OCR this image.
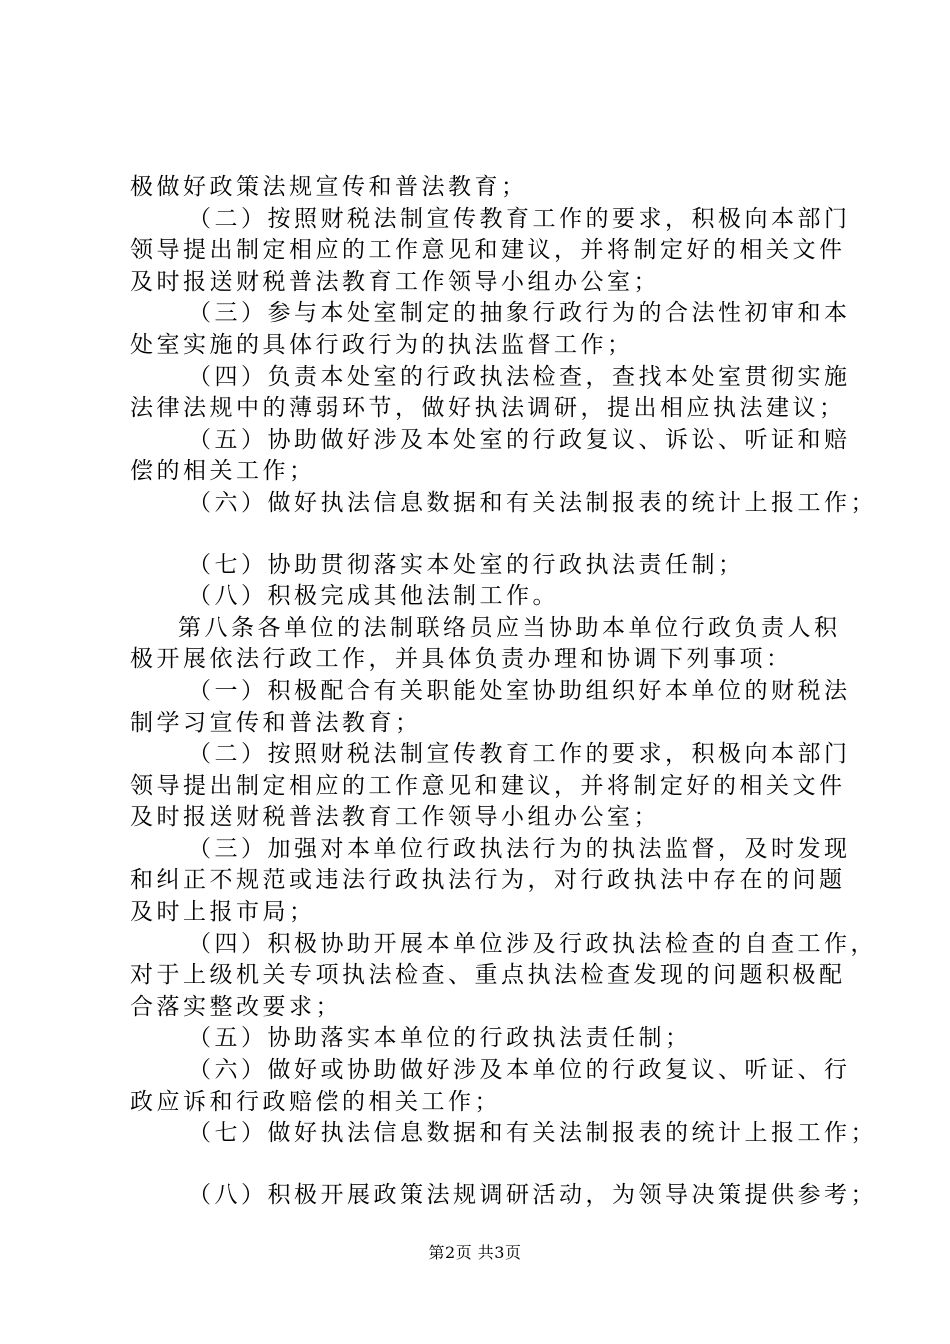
极做好政策法规宣传和普法教育；
（二）按照财税法制宣传教育工作的要求，积极向本部门
领导提出制定相应的工作意见和建议，并将制定好的相关文件
及时报送财税普法教育工作领导小组办公室；
（三）参与本处室制定的抽象行政行为的合法性初审和本
处室实施的具体行政行为的执法监督工作；
（四）负责本处室的行政执法检查，查找本处室贯彻实施
法律法规中的薄弱环节，做好执法调研，提出相应执法建议；
（五）协助做好涉及本处室的行政复议、诉讼、听证和赔
偿的相关工作；
（六）做好执法信息数据和有关法制报表的统计上报工作；
（七）协助贯彻落实本处室的行政执法责任制；
（八）积极完成其他法制工作。
第八条各单位的法制联络员应当协助本单位行政负责人积
极开展依法行政工作，并具体负责办理和协调下列事项：
（一）积极配合有关职能处室协助组织好本单位的财税法
制学习宣传和普法教育；
（二）按照财税法制宣传教育工作的要求，积极向本部门
领导提出制定相应的工作意见和建议，并将制定好的相关文件
及时报送财税普法教育工作领导小组办公室；
（三）加强对本单位行政执法行为的执法监督，及时发现
和纠正不规范或违法行政执法行为，对行政执法中存在的问题
及时上报市局；
（四）积极协助开展本单位涉及行政执法检查的自查工作，
对于上级机关专项执法检查、重点执法检查发现的问题积极配
合落实整改要求；
（五）协助落实本单位的行政执法责任制；
（六）做好或协助做好涉及本单位的行政复议、听证、行
政应诉和行政赔偿的相关工作；
（七）做好执法信息数据和有关法制报表的统计上报工作；
（八）积极开展政策法规调研活动，为领导决策提供参考；
第2页 共3页
